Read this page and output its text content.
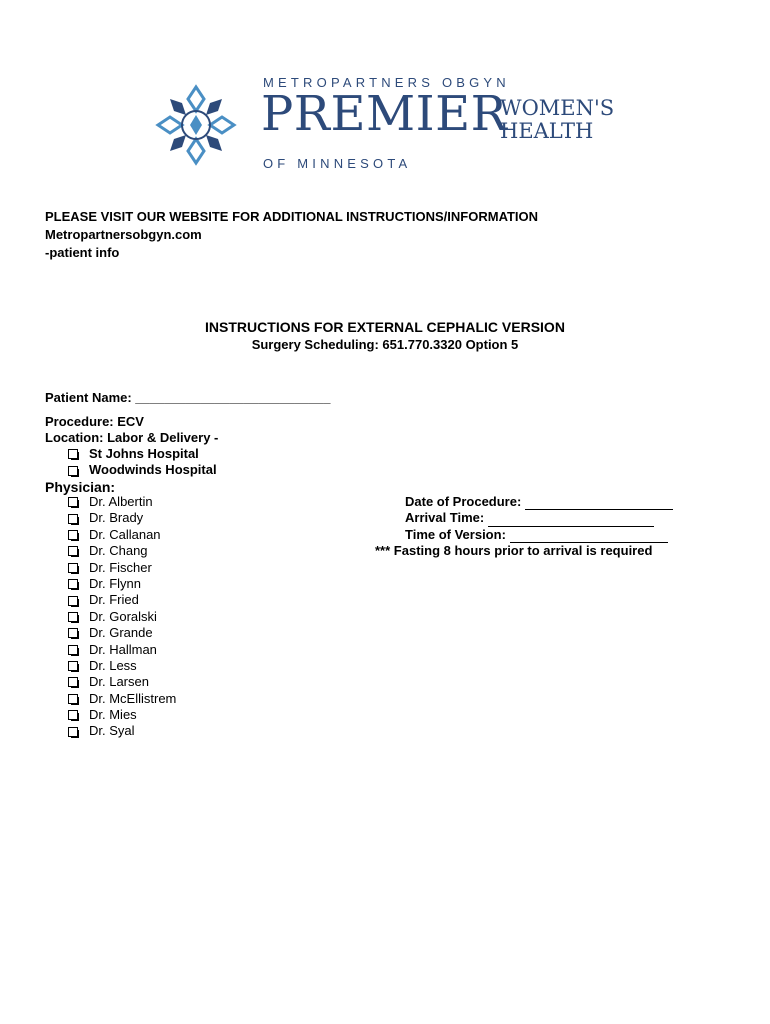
METROPARTNERS OBGYN
PREMIER
WOMEN'S
HEALTH
OF MINNESOTA
PLEASE VISIT OUR WEBSITE FOR ADDITIONAL INSTRUCTIONS/INFORMATION
Metropartnersobgyn.com
-patient info
INSTRUCTIONS FOR EXTERNAL CEPHALIC VERSION
Surgery Scheduling: 651.770.3320 Option 5
Patient Name: ___________________________
Procedure: ECV
Location: Labor & Delivery -
St Johns Hospital
Woodwinds Hospital
Physician:
Dr. Albertin
Dr. Brady
Dr. Callanan
Dr. Chang
Dr. Fischer
Dr. Flynn
Dr. Fried
Dr. Goralski
Dr. Grande
Dr. Hallman
Dr. Less
Dr. Larsen
Dr. McEllistrem
Dr. Mies
Dr. Syal
Date of Procedure:
Arrival Time:
Time of Version:
*** Fasting 8 hours prior to arrival is required
